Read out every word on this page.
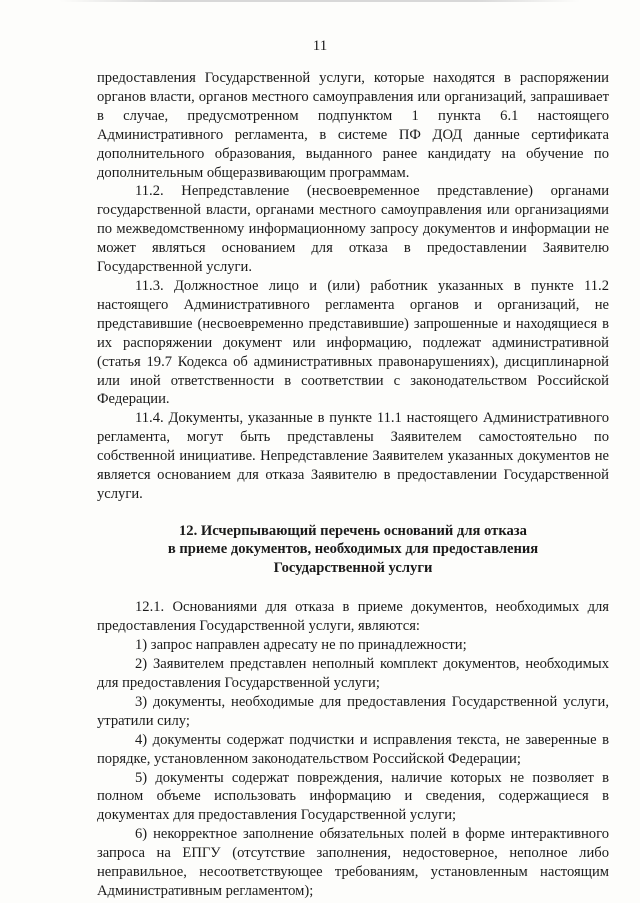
11

предоставления Государственной услуги, которые находятся в распоряжении органов власти, органов местного самоуправления или организаций, запрашивает в случае, предусмотренном подпунктом 1 пункта 6.1 настоящего Административного регламента, в системе ПФ ДОД данные сертификата дополнительного образования, выданного ранее кандидату на обучение по дополнительным общеразвивающим программам.

11.2. Непредставление (несвоевременное представление) органами государственной власти, органами местного самоуправления или организациями по межведомственному информационному запросу документов и информации не может являться основанием для отказа в предоставлении Заявителю Государственной услуги.

11.3. Должностное лицо и (или) работник указанных в пункте 11.2 настоящего Административного регламента органов и организаций, не представившие (несвоевременно представившие) запрошенные и находящиеся в их распоряжении документ или информацию, подлежат административной (статья 19.7 Кодекса об административных правонарушениях), дисциплинарной или иной ответственности в соответствии с законодательством Российской Федерации.

11.4. Документы, указанные в пункте 11.1 настоящего Административного регламента, могут быть представлены Заявителем самостоятельно по собственной инициативе. Непредставление Заявителем указанных документов не является основанием для отказа Заявителю в предоставлении Государственной услуги.

12. Исчерпывающий перечень оснований для отказа
в приеме документов, необходимых для предоставления
Государственной услуги

12.1. Основаниями для отказа в приеме документов, необходимых для предоставления Государственной услуги, являются:

1) запрос направлен адресату не по принадлежности;

2) Заявителем представлен неполный комплект документов, необходимых для предоставления Государственной услуги;

3) документы, необходимые для предоставления Государственной услуги, утратили силу;

4) документы содержат подчистки и исправления текста, не заверенные в порядке, установленном законодательством Российской Федерации;

5) документы содержат повреждения, наличие которых не позволяет в полном объеме использовать информацию и сведения, содержащиеся в документах для предоставления Государственной услуги;

6) некорректное заполнение обязательных полей в форме интерактивного запроса на ЕПГУ (отсутствие заполнения, недостоверное, неполное либо неправильное, несоответствующее требованиям, установленным настоящим Административным регламентом);
